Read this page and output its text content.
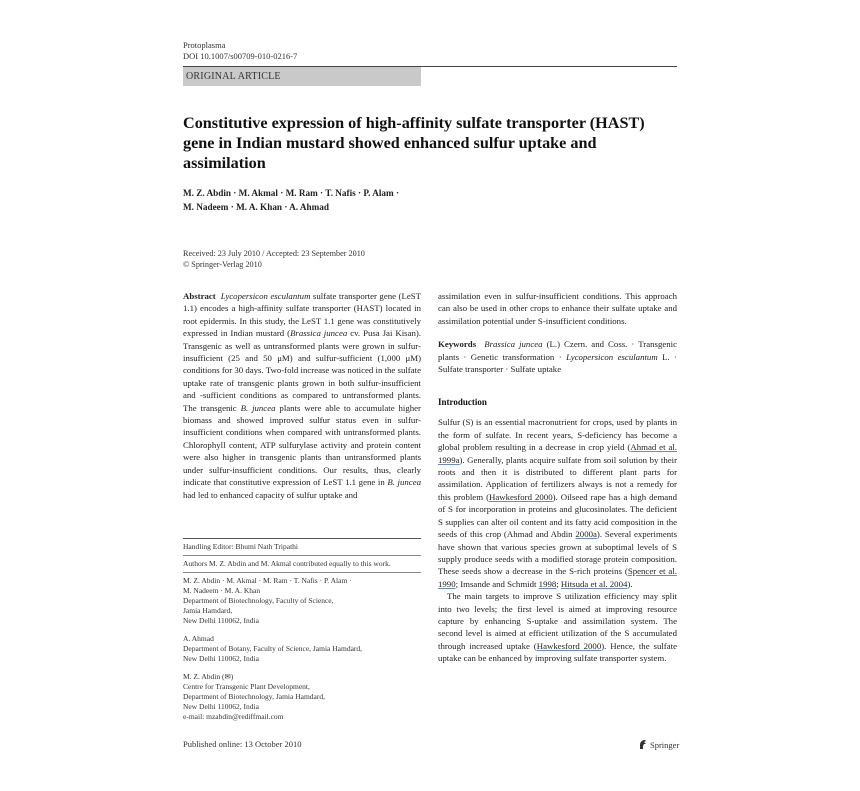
Protoplasma
DOI 10.1007/s00709-010-0216-7
ORIGINAL ARTICLE
Constitutive expression of high-affinity sulfate transporter (HAST) gene in Indian mustard showed enhanced sulfur uptake and assimilation
M. Z. Abdin · M. Akmal · M. Ram · T. Nafis · P. Alam ·
M. Nadeem · M. A. Khan · A. Ahmad
Received: 23 July 2010 / Accepted: 23 September 2010
© Springer-Verlag 2010

Abstract Lycopersicon esculantum sulfate transporter gene (LeST 1.1) encodes a high-affinity sulfate transporter (HAST) located in root epidermis. In this study, the LeST 1.1 gene was constitutively expressed in Indian mustard (Brassica juncea cv. Pusa Jai Kisan). Transgenic as well as untransformed plants were grown in sulfur-insufficient (25 and 50 μM) and sulfur-sufficient (1,000 μM) conditions for 30 days. Two-fold increase was noticed in the sulfate uptake rate of transgenic plants grown in both sulfur-insufficient and -sufficient conditions as compared to untransformed plants. The transgenic B. juncea plants were able to accumulate higher biomass and showed improved sulfur status even in sulfur-insufficient conditions when compared with untransformed plants. Chlorophyll content, ATP sulfurylase activity and protein content were also higher in transgenic plants than untransformed plants under sulfur-insufficient conditions. Our results, thus, clearly indicate that constitutive expression of LeST 1.1 gene in B. juncea had led to enhanced capacity of sulfur uptake and

Handling Editor: Bhumi Nath Tripathi
Authors M. Z. Abdin and M. Akmal contributed equally to this work.
M. Z. Abdin · M. Akmal · M. Ram · T. Nafis · P. Alam ·
M. Nadeem · M. A. Khan
Department of Biotechnology, Faculty of Science,
Jamia Hamdard,
New Delhi 110062, India
A. Ahmad
Department of Botany, Faculty of Science, Jamia Hamdard,
New Delhi 110062, India
M. Z. Abdin (✉)
Centre for Transgenic Plant Development,
Department of Biotechnology, Jamia Hamdard,
New Delhi 110062, India
e-mail: mzabdin@rediffmail.com
Published online: 13 October 2010

assimilation even in sulfur-insufficient conditions. This approach can also be used in other crops to enhance their sulfate uptake and assimilation potential under S-insufficient conditions.

Keywords Brassica juncea (L.) Czern. and Coss. · Transgenic plants · Genetic transformation · Lycopersicon esculantum L. · Sulfate transporter · Sulfate uptake

Introduction

Sulfur (S) is an essential macronutrient for crops, used by plants in the form of sulfate. In recent years, S-deficiency has become a global problem resulting in a decrease in crop yield (Ahmad et al. 1999a). Generally, plants acquire sulfate from soil solution by their roots and then it is distributed to different plant parts for assimilation. Application of fertilizers always is not a remedy for this problem (Hawkesford 2000). Oilseed rape has a high demand of S for incorporation in proteins and glucosinolates. The deficient S supplies can alter oil content and its fatty acid composition in the seeds of this crop (Ahmad and Abdin 2000a). Several experiments have shown that various species grown at suboptimal levels of S supply produce seeds with a modified storage protein composition. These seeds show a decrease in the S-rich proteins (Spencer et al. 1990; Imsande and Schmidt 1998; Hitsuda et al. 2004).

The main targets to improve S utilization efficiency may split into two levels; the first level is aimed at improving resource capture by enhancing S-uptake and assimilation system. The second level is aimed at efficient utilization of the S accumulated through increased uptake (Hawkesford 2000). Hence, the sulfate uptake can be enhanced by improving sulfate transporter system.

Springer
